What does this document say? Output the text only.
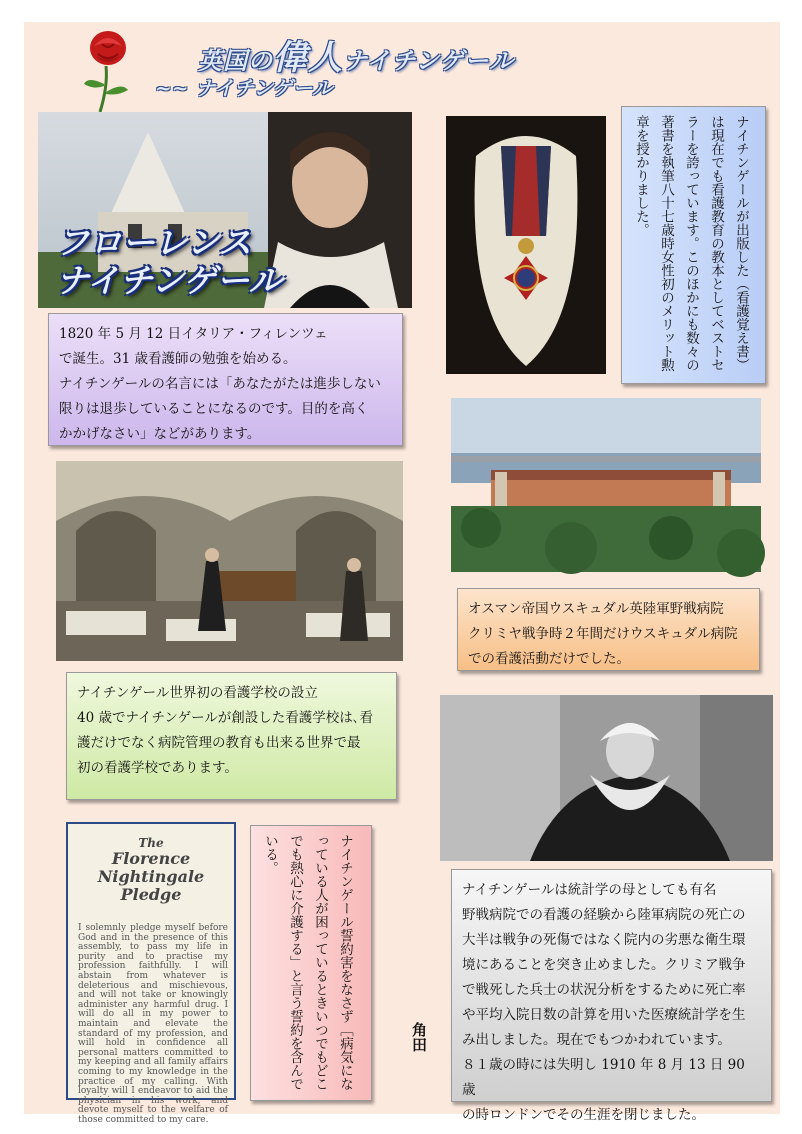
英国の偉人ナイチンゲール
~~ ナイチンゲール
フローレンス
ナイチンゲール	ナイチンゲールが出版した（看護覚え書）は現在でも看護教育の教本としてベストセラーを誇っています。このほかにも数々の著書を執筆八十七歳時女性初のメリット勲章を授かりました。

1820 年 5 月 12 日イタリア・フィレンツェ

で誕生。31 歳看護師の勉強を始める。

ナイチンゲールの名言には「あなたがたは進歩しない

限りは退歩していることになるのです。目的を高く

かかげなさい」などがあります。

オスマン帝国ウスキュダル英陸軍野戦病院

クリミヤ戦争時２年間だけウスキュダル病院

での看護活動だけでした。

ナイチンゲール世界初の看護学校の設立

40 歳でナイチンゲールが創設した看護学校は､看

護だけでなく病院管理の教育も出来る世界で最

初の看護学校であります。

ナイチンゲールは統計学の母としても有名

野戦病院での看護の経験から陸軍病院の死亡の

大半は戦争の死傷ではなく院内の劣悪な衛生環

境にあることを突き止めました。クリミア戦争

で戦死した兵士の状況分析をするために死亡率

や平均入院日数の計算を用いた医療統計学を生

み出しました。現在でもつかわれています。

８１歳の時には失明し 1910 年 8 月 13 日 90 歳

の時ロンドンでその生涯を閉じました。

The
Florence Nightingale
Pledge
I solemnly pledge myself before God and in the presence of this assembly, to pass my life in purity and to practise my profession faithfully. I will abstain from whatever is deleterious and mischievous, and will not take or knowingly administer any harmful drug. I will do all in my power to maintain and elevate the standard of my profession, and will hold in confidence all personal matters committed to my keeping and all family affairs coming to my knowledge in the practice of my calling. With loyalty will I endeavor to aid the physician in his work, and devote myself to the welfare of those committed to my care.
ナイチンゲール誓約害をなさず［病気になっている人が困っているときいつでもどこでも熱心に介護する」と言う誓約を含んでいる。
角田
